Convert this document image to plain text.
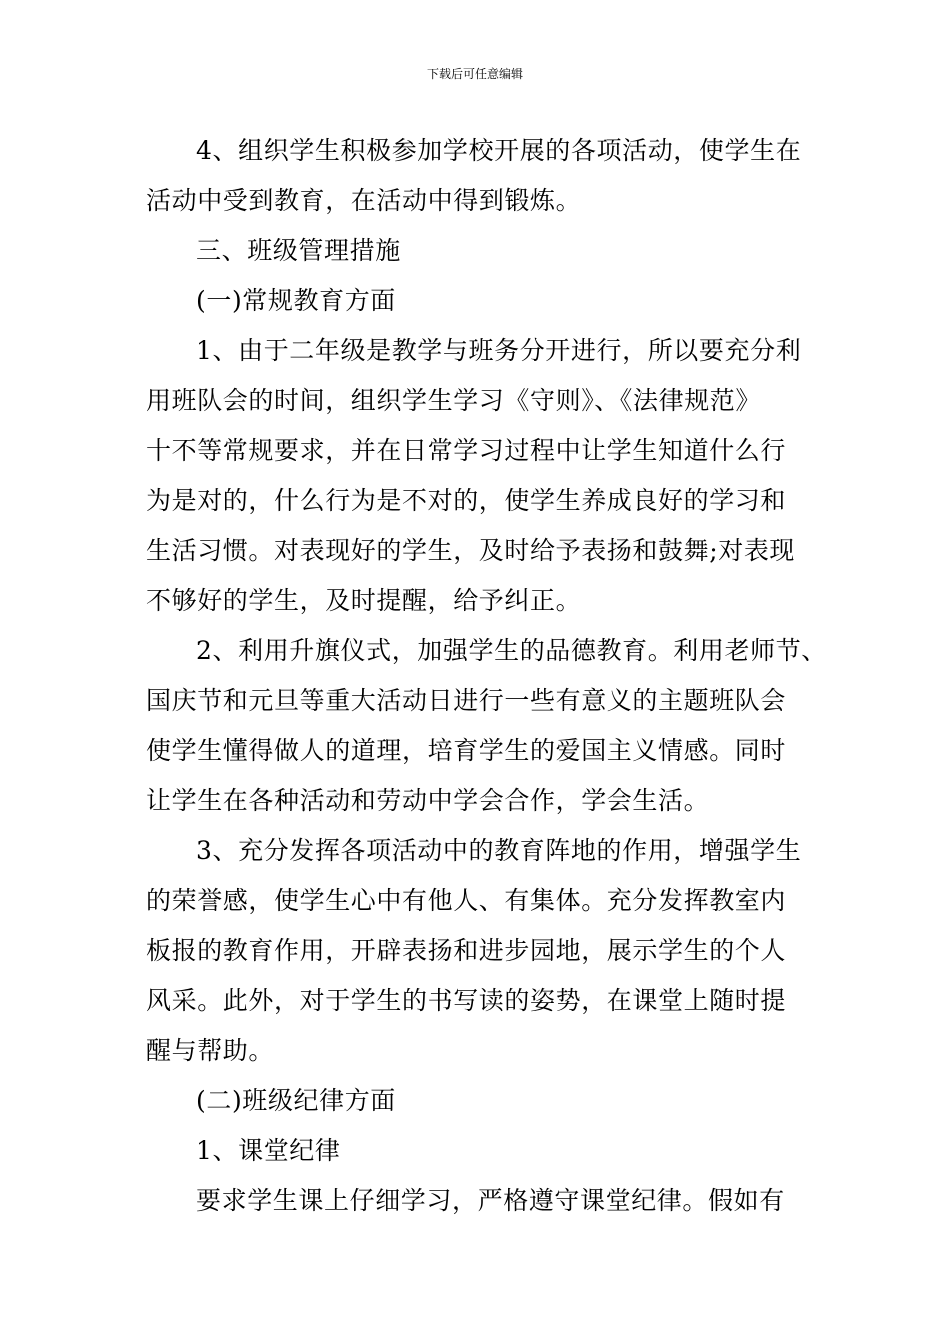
下载后可任意编辑
4、组织学生积极参加学校开展的各项活动，使学生在
活动中受到教育，在活动中得到锻炼。
三、班级管理措施
(一)常规教育方面
1、由于二年级是教学与班务分开进行，所以要充分利
用班队会的时间，组织学生学习《守则》、《法律规范》
十不等常规要求，并在日常学习过程中让学生知道什么行
为是对的，什么行为是不对的，使学生养成良好的学习和
生活习惯。对表现好的学生，及时给予表扬和鼓舞;对表现
不够好的学生，及时提醒，给予纠正。
2、利用升旗仪式，加强学生的品德教育。利用老师节、
国庆节和元旦等重大活动日进行一些有意义的主题班队会
使学生懂得做人的道理，培育学生的爱国主义情感。同时
让学生在各种活动和劳动中学会合作，学会生活。
3、充分发挥各项活动中的教育阵地的作用，增强学生
的荣誉感，使学生心中有他人、有集体。充分发挥教室内
板报的教育作用，开辟表扬和进步园地，展示学生的个人
风采。此外，对于学生的书写读的姿势，在课堂上随时提
醒与帮助。
(二)班级纪律方面
1、课堂纪律
要求学生课上仔细学习，严格遵守课堂纪律。假如有
